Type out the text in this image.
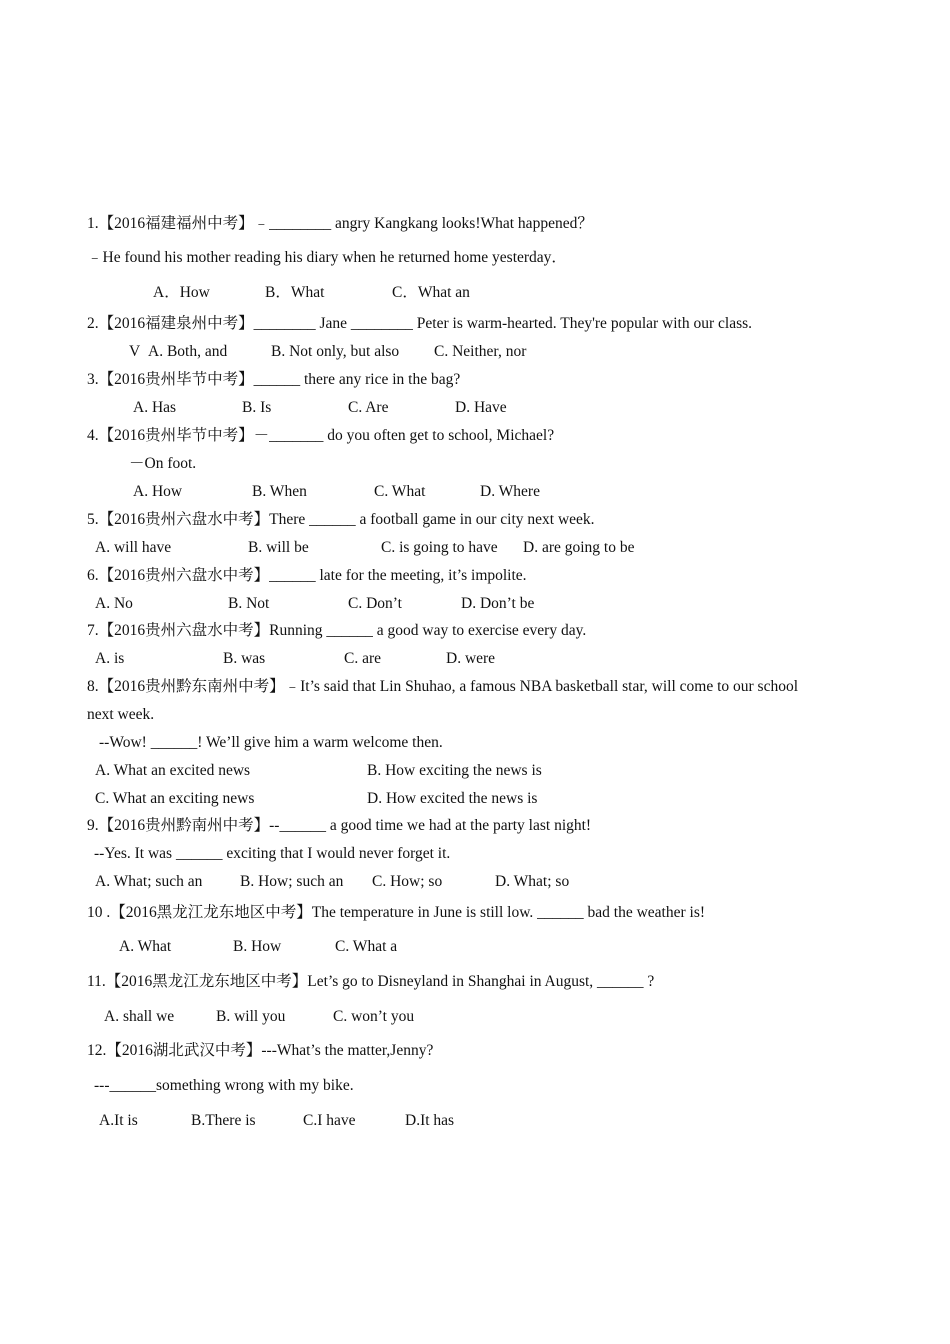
1.【2016福建福州中考】﹣________ angry Kangkang looks!What happened？
﹣He found his mother reading his diary when he returned home yesterday．
A．How	B．What	C．What an
2.【2016福建泉州中考】________ Jane ________ Peter is warm-hearted. They're popular with our class.
V A. Both, and	B. Not only, but also C. Neither, nor
3.【2016贵州毕节中考】______ there any rice in the bag?
A. Has	B. Is	C. Are	D. Have
4.【2016贵州毕节中考】－_______ do you often get to school, Michael?
－On foot.
A. How	B. When	C. What	D. Where
5.【2016贵州六盘水中考】There ______ a football game in our city next week.
A. will have	B. will be	C. is going to have D. are going to be
6.【2016贵州六盘水中考】______ late for the meeting, it’s impolite.
A. No	B. Not	C. Don’t	D. Don’t be
7.【2016贵州六盘水中考】Running ______ a good way to exercise every day.
A. is	B. was	C. are	D. were
8.【2016贵州黔东南州中考】﹣It’s said that Lin Shuhao, a famous NBA basketball star, will come to our school
next week.
--Wow! ______! We’ll give him a warm welcome then.
A. What an excited news	B. How exciting the news is
C. What an exciting news	D. How excited the news is
9.【2016贵州黔南州中考】--______ a good time we had at the party last night!
--Yes. It was ______ exciting that I would never forget it.
A. What; such an B. How; such an C. How; so	D. What; so
10 .【2016黑龙江龙东地区中考】The temperature in June is still low. ______ bad the weather is!
A. What	B. How	C. What a
11.【2016黑龙江龙东地区中考】Let’s go to Disneyland in Shanghai in August, ______ ?
A. shall we	B. will you	C. won’t you
12.【2016湖北武汉中考】---What’s the matter,Jenny?
---______something wrong with my bike.
A.It is	B.There is	C.I have	D.It has
